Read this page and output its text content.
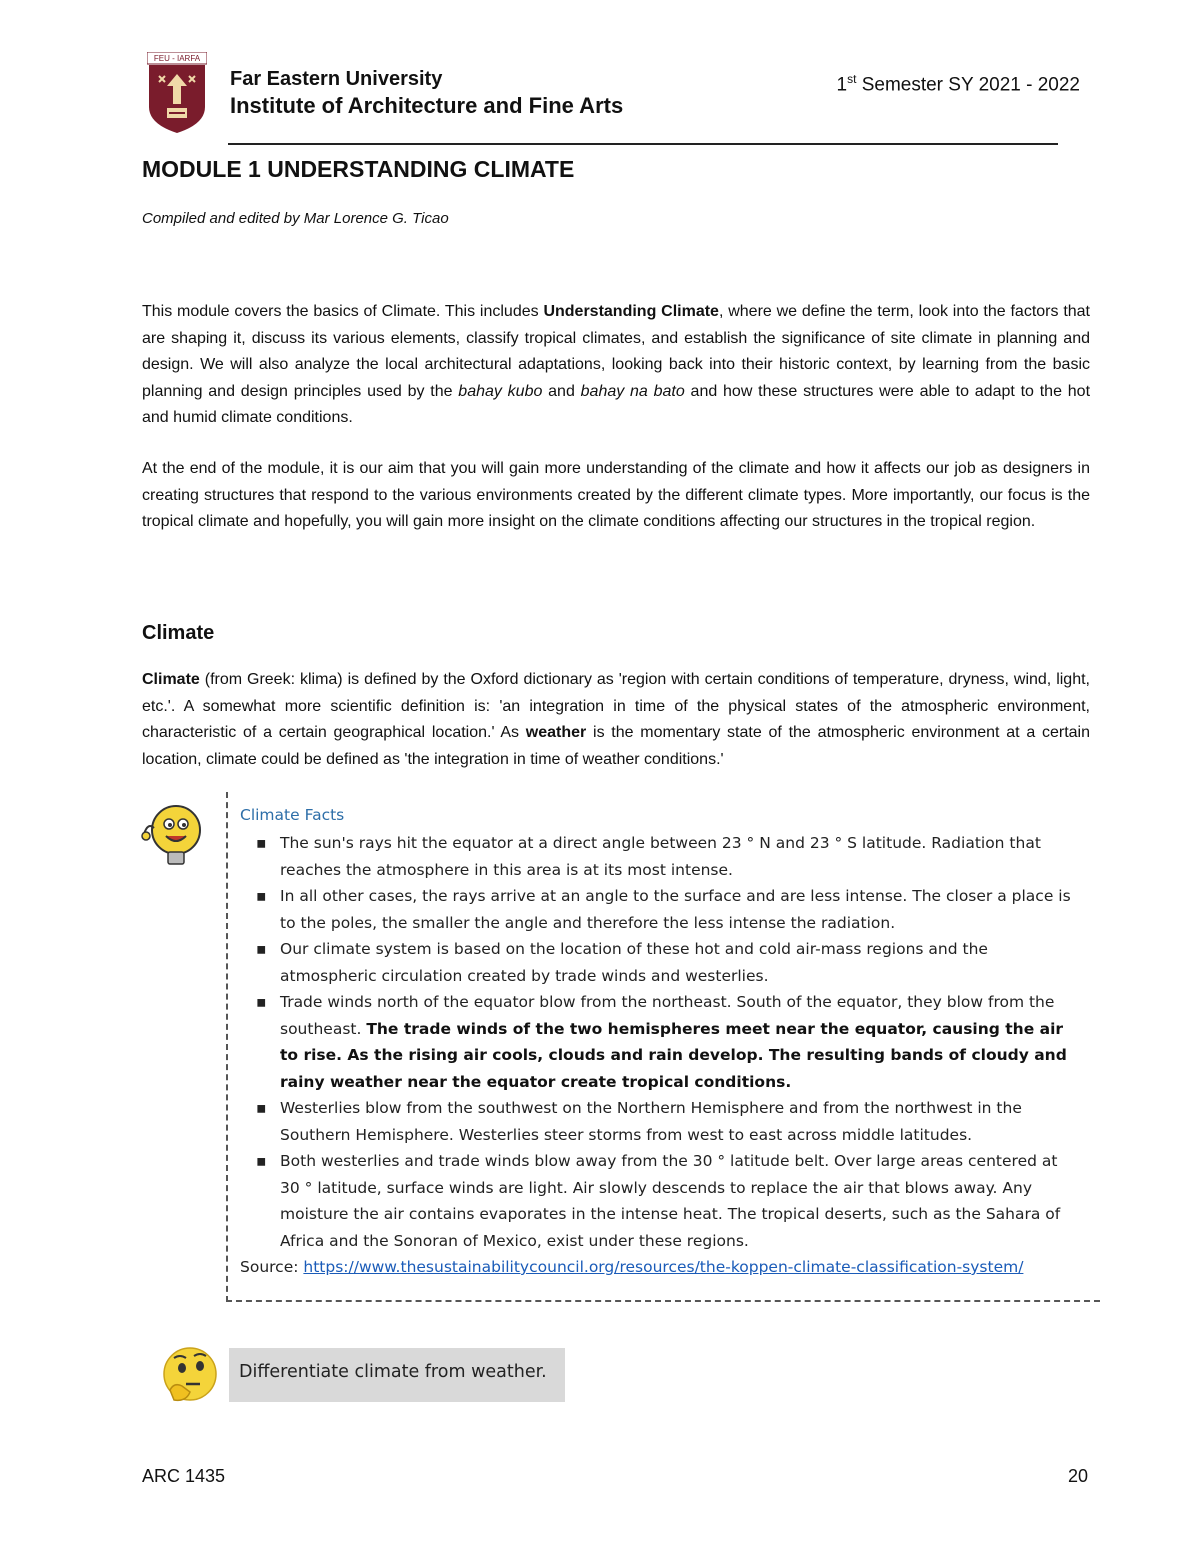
FEU - IARFA
Far Eastern University
Institute of Architecture and Fine Arts
1st Semester SY 2021 - 2022
MODULE 1 UNDERSTANDING CLIMATE
Compiled and edited by Mar Lorence G. Ticao
This module covers the basics of Climate. This includes Understanding Climate, where we define the term, look into the factors that are shaping it, discuss its various elements, classify tropical climates, and establish the significance of site climate in planning and design. We will also analyze the local architectural adaptations, looking back into their historic context, by learning from the basic planning and design principles used by the bahay kubo and bahay na bato and how these structures were able to adapt to the hot and humid climate conditions.
At the end of the module, it is our aim that you will gain more understanding of the climate and how it affects our job as designers in creating structures that respond to the various environments created by the different climate types. More importantly, our focus is the tropical climate and hopefully, you will gain more insight on the climate conditions affecting our structures in the tropical region.
Climate
Climate (from Greek: klima) is defined by the Oxford dictionary as 'region with certain conditions of temperature, dryness, wind, light, etc.'. A somewhat more scientific definition is: 'an integration in time of the physical states of the atmospheric environment, characteristic of a certain geographical location.' As weather is the momentary state of the atmospheric environment at a certain location, climate could be defined as 'the integration in time of weather conditions.'
Climate Facts
▪ The sun's rays hit the equator at a direct angle between 23 ° N and 23 ° S latitude. Radiation that reaches the atmosphere in this area is at its most intense.
▪ In all other cases, the rays arrive at an angle to the surface and are less intense. The closer a place is to the poles, the smaller the angle and therefore the less intense the radiation.
▪ Our climate system is based on the location of these hot and cold air-mass regions and the atmospheric circulation created by trade winds and westerlies.
▪ Trade winds north of the equator blow from the northeast. South of the equator, they blow from the southeast. The trade winds of the two hemispheres meet near the equator, causing the air to rise. As the rising air cools, clouds and rain develop. The resulting bands of cloudy and rainy weather near the equator create tropical conditions.
▪ Westerlies blow from the southwest on the Northern Hemisphere and from the northwest in the Southern Hemisphere. Westerlies steer storms from west to east across middle latitudes.
▪ Both westerlies and trade winds blow away from the 30 ° latitude belt. Over large areas centered at 30 ° latitude, surface winds are light. Air slowly descends to replace the air that blows away. Any moisture the air contains evaporates in the intense heat. The tropical deserts, such as the Sahara of Africa and the Sonoran of Mexico, exist under these regions.
Source: https://www.thesustainabilitycouncil.org/resources/the-koppen-climate-classification-system/
Differentiate climate from weather.
ARC 1435	20
